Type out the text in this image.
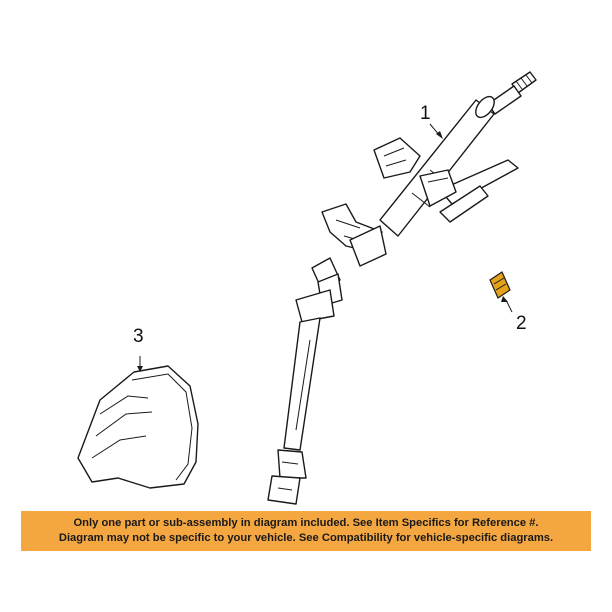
1
2
3
Only one part or sub-assembly in diagram included. See Item Specifics for Reference #.
Diagram may not be specific to your vehicle. See Compatibility for vehicle-specific diagrams.
